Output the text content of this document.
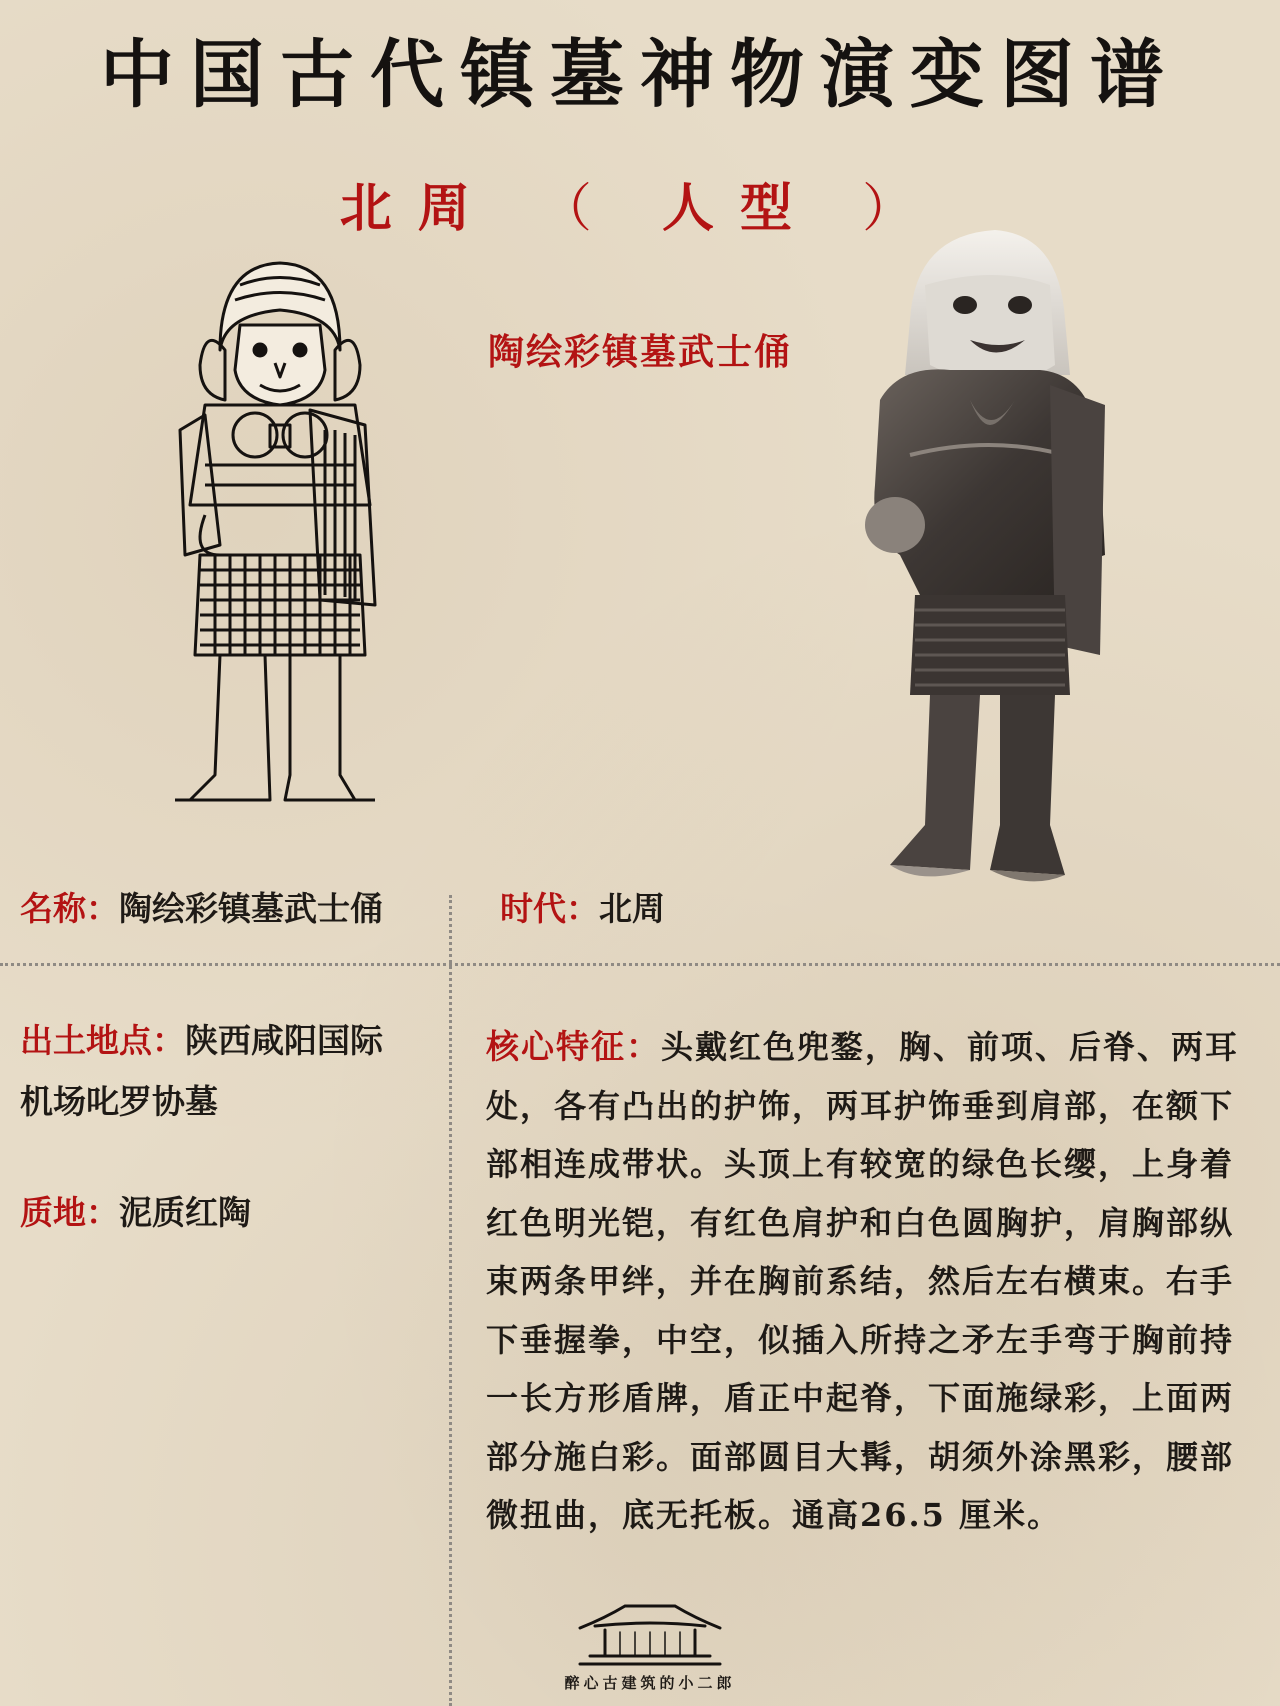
中国古代镇墓神物演变图谱
北周 （ 人型 ）
陶绘彩镇墓武士俑
名称：陶绘彩镇墓武士俑	时代：北周
出土地点：陕西咸阳国际
机场叱罗协墓
质地：泥质红陶
核心特征：头戴红色兜鍪，胸、前项、后脊、两耳处，各有凸出的护饰，两耳护饰垂到肩部，在额下部相连成带状。头顶上有较宽的绿色长缨，上身着红色明光铠，有红色肩护和白色圆胸护，肩胸部纵束两条甲绊，并在胸前系结，然后左右横束。右手下垂握拳，中空，似插入所持之矛左手弯于胸前持一长方形盾牌，盾正中起脊，下面施绿彩，上面两部分施白彩。面部圆目大髯，胡须外涂黑彩，腰部微扭曲，底无托板。通高26.5 厘米。
醉心古建筑的小二郎
